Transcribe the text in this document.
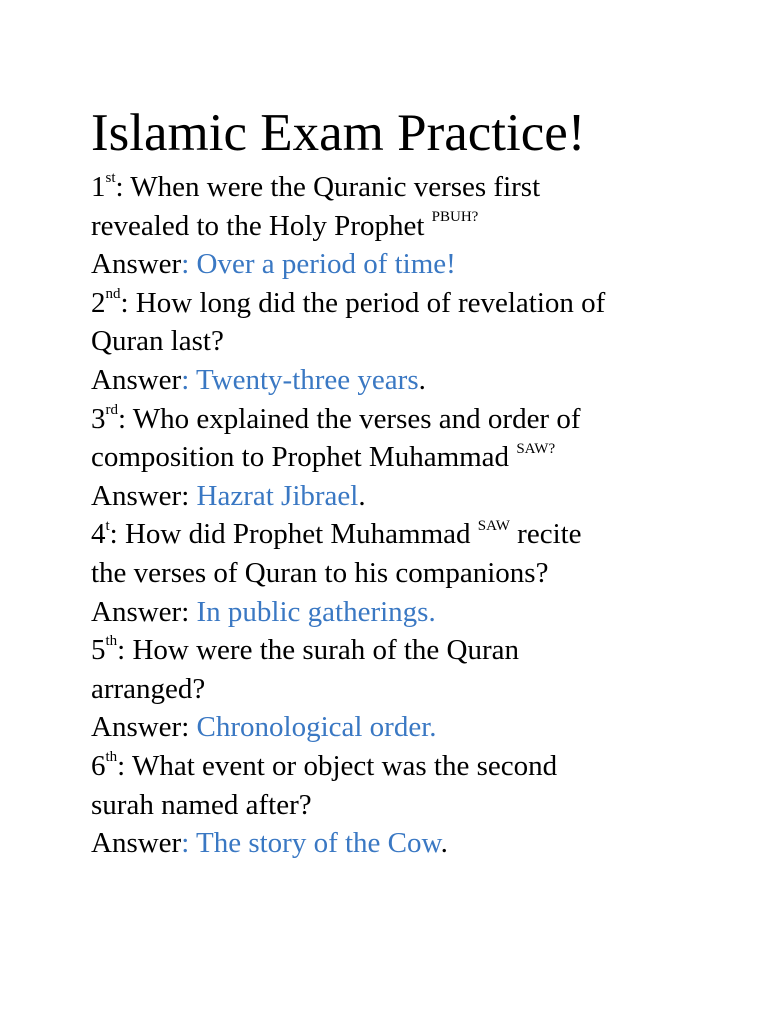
Islamic Exam Practice!
1st: When were the Quranic verses first
revealed to the Holy Prophet $^{PBUH?}$
Answer: Over a period of time!
2nd: How long did the period of revelation of
Quran last?
Answer: Twenty-three years.
3rd: Who explained the verses and order of
composition to Prophet Muhammad $^{SAW?}$
Answer: Hazrat Jibrael.
4$^t$: How did Prophet Muhammad $^{SAW}$ recite
the verses of Quran to his companions?
Answer: In public gatherings.
5th: How were the surah of the Quran
arranged?
Answer: Chronological order.
6th: What event or object was the second
surah named after?
Answer: The story of the Cow.
